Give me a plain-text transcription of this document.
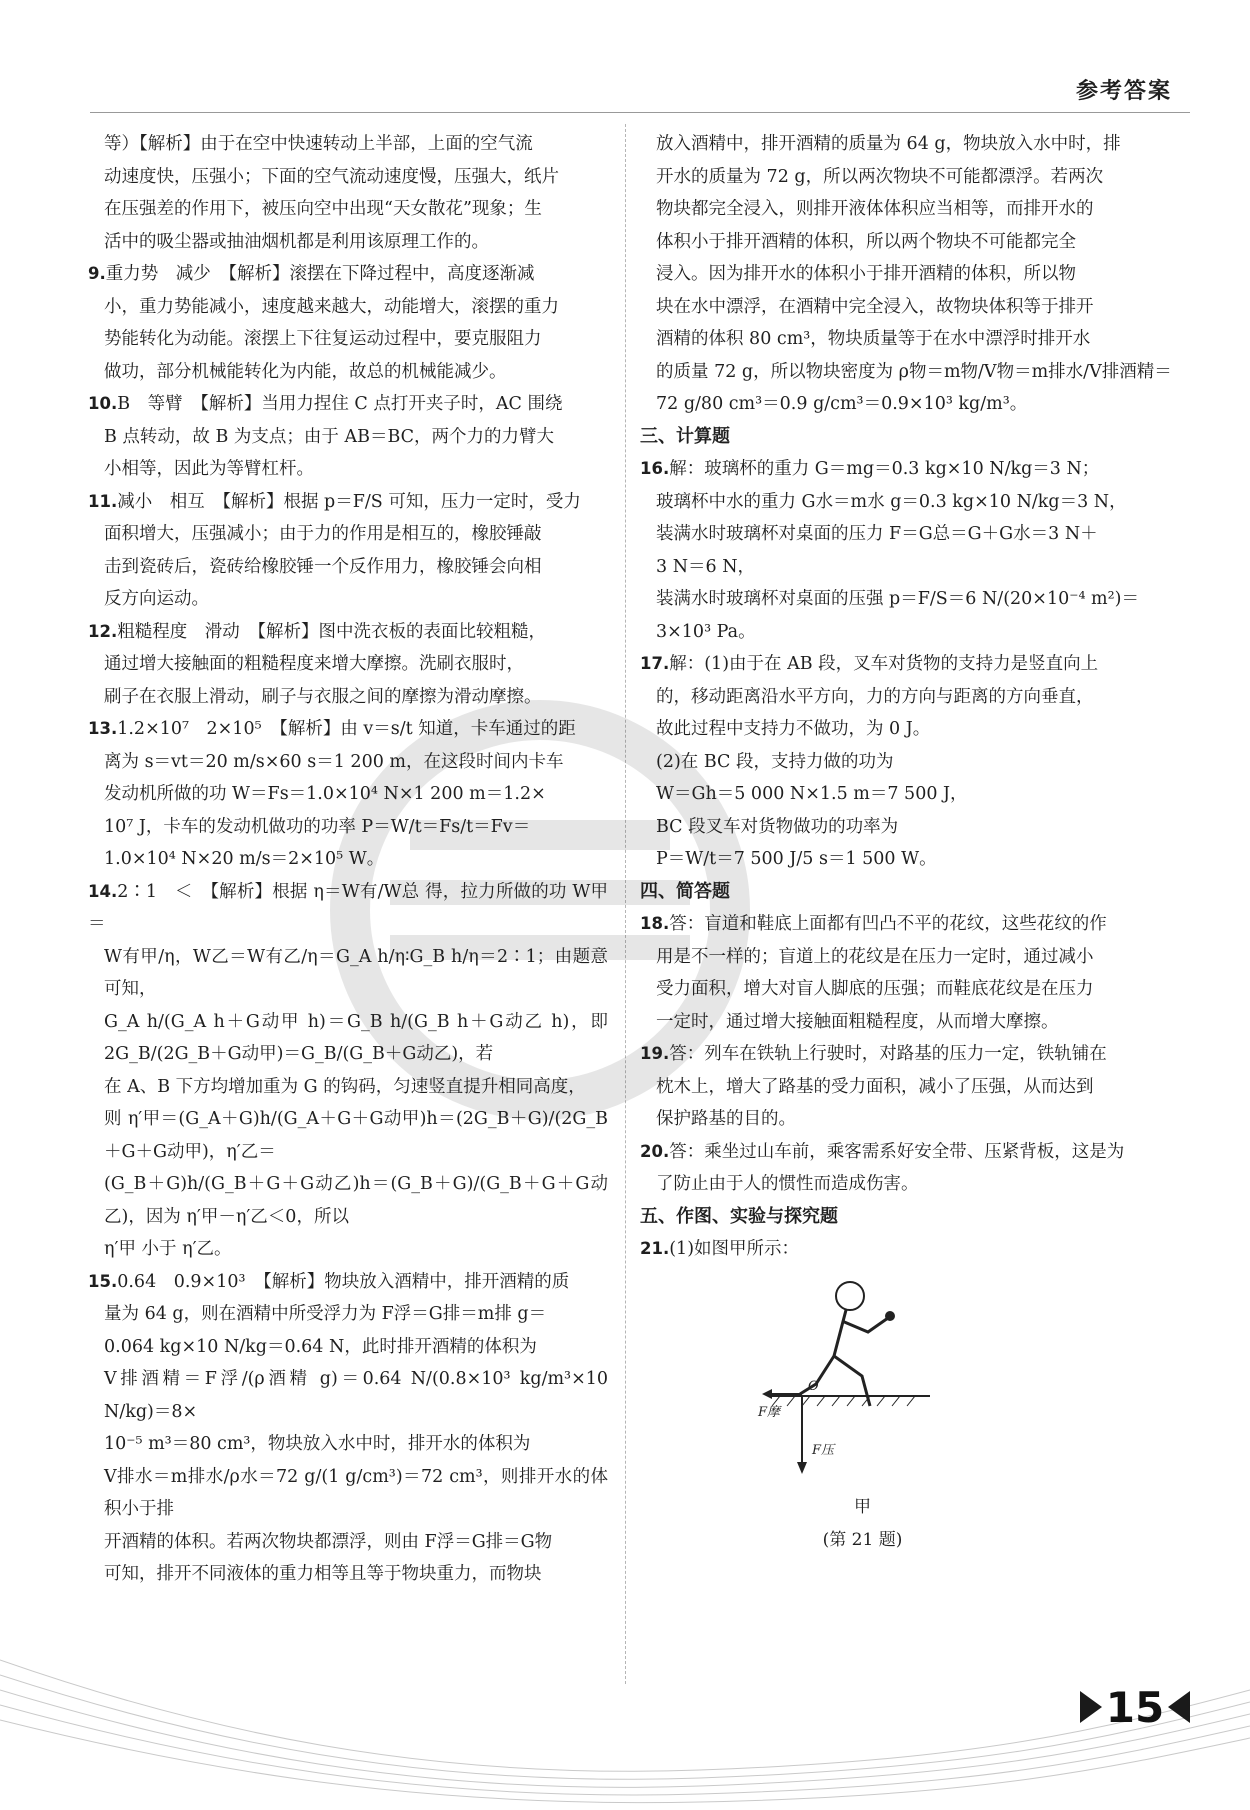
参考答案

等）【解析】由于在空中快速转动上半部，上面的空气流

动速度快，压强小；下面的空气流动速度慢，压强大，纸片

在压强差的作用下，被压向空中出现“天女散花”现象；生

活中的吸尘器或抽油烟机都是利用该原理工作的。

9.重力势　减少　【解析】滚摆在下降过程中，高度逐渐减

小，重力势能减小，速度越来越大，动能增大，滚摆的重力

势能转化为动能。滚摆上下往复运动过程中，要克服阻力

做功，部分机械能转化为内能，故总的机械能减少。

10.B　等臂　【解析】当用力捏住 C 点打开夹子时，AC 围绕

B 点转动，故 B 为支点；由于 AB＝BC，两个力的力臂大

小相等，因此为等臂杠杆。

11.减小　相互　【解析】根据 p＝F/S 可知，压力一定时，受力

面积增大，压强减小；由于力的作用是相互的，橡胶锤敲

击到瓷砖后，瓷砖给橡胶锤一个反作用力，橡胶锤会向相

反方向运动。

12.粗糙程度　滑动　【解析】图中洗衣板的表面比较粗糙，

通过增大接触面的粗糙程度来增大摩擦。洗刷衣服时，

刷子在衣服上滑动，刷子与衣服之间的摩擦为滑动摩擦。

13.1.2×10⁷　2×10⁵　【解析】由 v＝s/t 知道，卡车通过的距

离为 s＝vt＝20 m/s×60 s＝1 200 m，在这段时间内卡车

发动机所做的功 W＝Fs＝1.0×10⁴ N×1 200 m＝1.2×

10⁷ J，卡车的发动机做功的功率 P＝W/t＝Fs/t＝Fv＝

1.0×10⁴ N×20 m/s＝2×10⁵ W。

14.2∶1　＜　【解析】根据 η＝W有/W总 得，拉力所做的功 W甲＝

W有甲/η，W乙＝W有乙/η＝G_A h/η∶G_B h/η＝2∶1；由题意可知，

G_A h/(G_A h＋G动甲 h)＝G_B h/(G_B h＋G动乙 h)，即 2G_B/(2G_B＋G动甲)＝G_B/(G_B＋G动乙)，若

在 A、B 下方均增加重为 G 的钩码，匀速竖直提升相同高度，

则 η′甲＝(G_A＋G)h/(G_A＋G＋G动甲)h＝(2G_B＋G)/(2G_B＋G＋G动甲)，η′乙＝

(G_B＋G)h/(G_B＋G＋G动乙)h＝(G_B＋G)/(G_B＋G＋G动乙)，因为 η′甲－η′乙＜0，所以

η′甲 小于 η′乙。

15.0.64　0.9×10³　【解析】物块放入酒精中，排开酒精的质

量为 64 g，则在酒精中所受浮力为 F浮＝G排＝m排 g＝

0.064 kg×10 N/kg＝0.64 N，此时排开酒精的体积为

V排酒精＝F浮/(ρ酒精 g)＝0.64 N/(0.8×10³ kg/m³×10 N/kg)＝8×

10⁻⁵ m³＝80 cm³，物块放入水中时，排开水的体积为

V排水＝m排水/ρ水＝72 g/(1 g/cm³)＝72 cm³，则排开水的体积小于排

开酒精的体积。若两次物块都漂浮，则由 F浮＝G排＝G物

可知，排开不同液体的重力相等且等于物块重力，而物块

放入酒精中，排开酒精的质量为 64 g，物块放入水中时，排

开水的质量为 72 g，所以两次物块不可能都漂浮。若两次

物块都完全浸入，则排开液体体积应当相等，而排开水的

体积小于排开酒精的体积，所以两个物块不可能都完全

浸入。因为排开水的体积小于排开酒精的体积，所以物

块在水中漂浮，在酒精中完全浸入，故物块体积等于排开

酒精的体积 80 cm³，物块质量等于在水中漂浮时排开水

的质量 72 g，所以物块密度为 ρ物＝m物/V物＝m排水/V排酒精＝

72 g/80 cm³＝0.9 g/cm³＝0.9×10³ kg/m³。

三、计算题

16.解：玻璃杯的重力 G＝mg＝0.3 kg×10 N/kg＝3 N；

玻璃杯中水的重力 G水＝m水 g＝0.3 kg×10 N/kg＝3 N，

装满水时玻璃杯对桌面的压力 F＝G总＝G＋G水＝3 N＋

3 N＝6 N，

装满水时玻璃杯对桌面的压强 p＝F/S＝6 N/(20×10⁻⁴ m²)＝

3×10³ Pa。

17.解：(1)由于在 AB 段，叉车对货物的支持力是竖直向上

的，移动距离沿水平方向，力的方向与距离的方向垂直，

故此过程中支持力不做功，为 0 J。

(2)在 BC 段，支持力做的功为

W＝Gh＝5 000 N×1.5 m＝7 500 J，

BC 段叉车对货物做功的功率为

P＝W/t＝7 500 J/5 s＝1 500 W。

四、简答题

18.答：盲道和鞋底上面都有凹凸不平的花纹，这些花纹的作

用是不一样的；盲道上的花纹是在压力一定时，通过减小

受力面积，增大对盲人脚底的压强；而鞋底花纹是在压力

一定时，通过增大接触面粗糙程度，从而增大摩擦。

19.答：列车在铁轨上行驶时，对路基的压力一定，铁轨铺在

枕木上，增大了路基的受力面积，减小了压强，从而达到

保护路基的目的。

20.答：乘坐过山车前，乘客需系好安全带、压紧背板，这是为

了防止由于人的惯性而造成伤害。

五、作图、实验与探究题

21.(1)如图甲所示：

O
F摩
F压
甲
(第 21 题)
15
